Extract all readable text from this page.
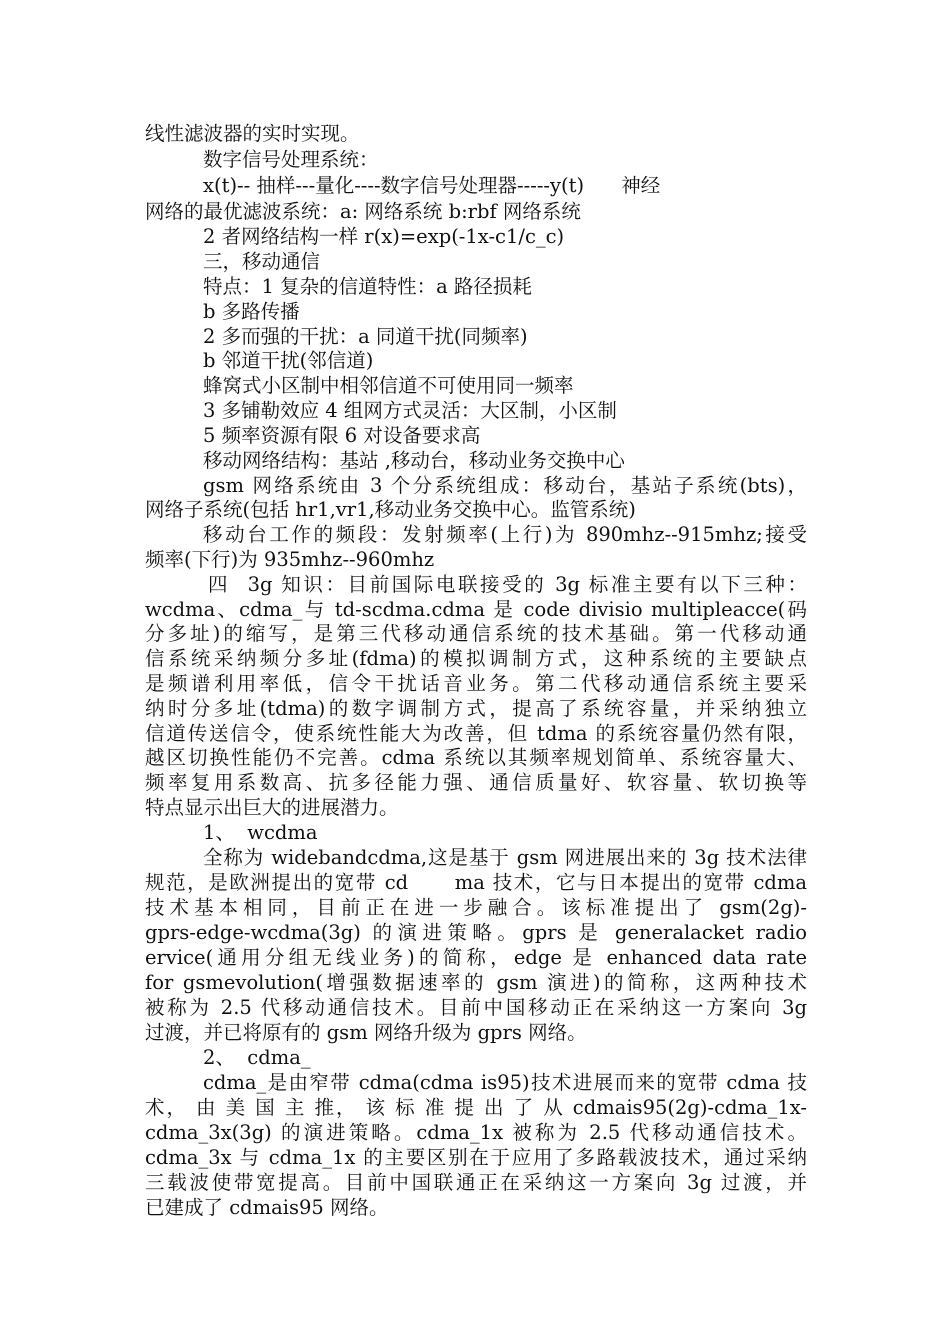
线性滤波器的实时实现。
数字信号处理系统：
x(t)-- 抽样---量化----数字信号处理器-----y(t)      神经
网络的最优滤波系统：a: 网络系统 b:rbf 网络系统
2 者网络结构一样 r(x)=exp(-1x-c1/c_c)
三，移动通信
特点：1 复杂的信道特性：a 路径损耗
b 多路传播
2 多而强的干扰：a 同道干扰(同频率)
b 邻道干扰(邻信道)
蜂窝式小区制中相邻信道不可使用同一频率
3 多铺勒效应 4 组网方式灵活：大区制，小区制
5 频率资源有限 6 对设备要求高
移动网络结构：基站 ,移动台，移动业务交换中心
gsm 网络系统由 3 个分系统组成：移动台，基站子系统(bts)，
网络子系统(包括 hr1,vr1,移动业务交换中心。监管系统)
移动台工作的频段：发射频率(上行)为 890mhz--915mhz;接受
频率(下行)为 935mhz--960mhz
四  3g 知识：目前国际电联接受的 3g 标准主要有以下三种：
wcdma、cdma_与 td-scdma.cdma 是 code divisio multipleacce(码
分多址)的缩写，是第三代移动通信系统的技术基础。第一代移动通
信系统采纳频分多址(fdma)的模拟调制方式，这种系统的主要缺点
是频谱利用率低，信令干扰话音业务。第二代移动通信系统主要采
纳时分多址(tdma)的数字调制方式，提高了系统容量，并采纳独立
信道传送信令，使系统性能大为改善，但 tdma 的系统容量仍然有限，
越区切换性能仍不完善。cdma 系统以其频率规划简单、系统容量大、
频率复用系数高、抗多径能力强、通信质量好、软容量、软切换等
特点显示出巨大的进展潜力。
1、  wcdma
全称为 widebandcdma,这是基于 gsm 网进展出来的 3g 技术法律
规范，是欧洲提出的宽带 cd      ma 技术，它与日本提出的宽带 cdma
技术基本相同，目前正在进一步融合。该标准提出了 gsm(2g)-
gprs-edge-wcdma(3g) 的演进策略。gprs 是 generalacket radio
ervice(通用分组无线业务)的简称，edge 是 enhanced data rate
for gsmevolution(增强数据速率的 gsm 演进)的简称，这两种技术
被称为 2.5 代移动通信技术。目前中国移动正在采纳这一方案向 3g
过渡，并已将原有的 gsm 网络升级为 gprs 网络。
2、  cdma_
cdma_是由窄带 cdma(cdma is95)技术进展而来的宽带 cdma 技
术， 由 美 国 主 推， 该 标 准 提 出 了 从 cdmais95(2g)-cdma_1x-
cdma_3x(3g) 的演进策略。cdma_1x 被称为 2.5 代移动通信技术。
cdma_3x 与 cdma_1x 的主要区别在于应用了多路载波技术，通过采纳
三载波使带宽提高。目前中国联通正在采纳这一方案向 3g 过渡，并
已建成了 cdmais95 网络。
